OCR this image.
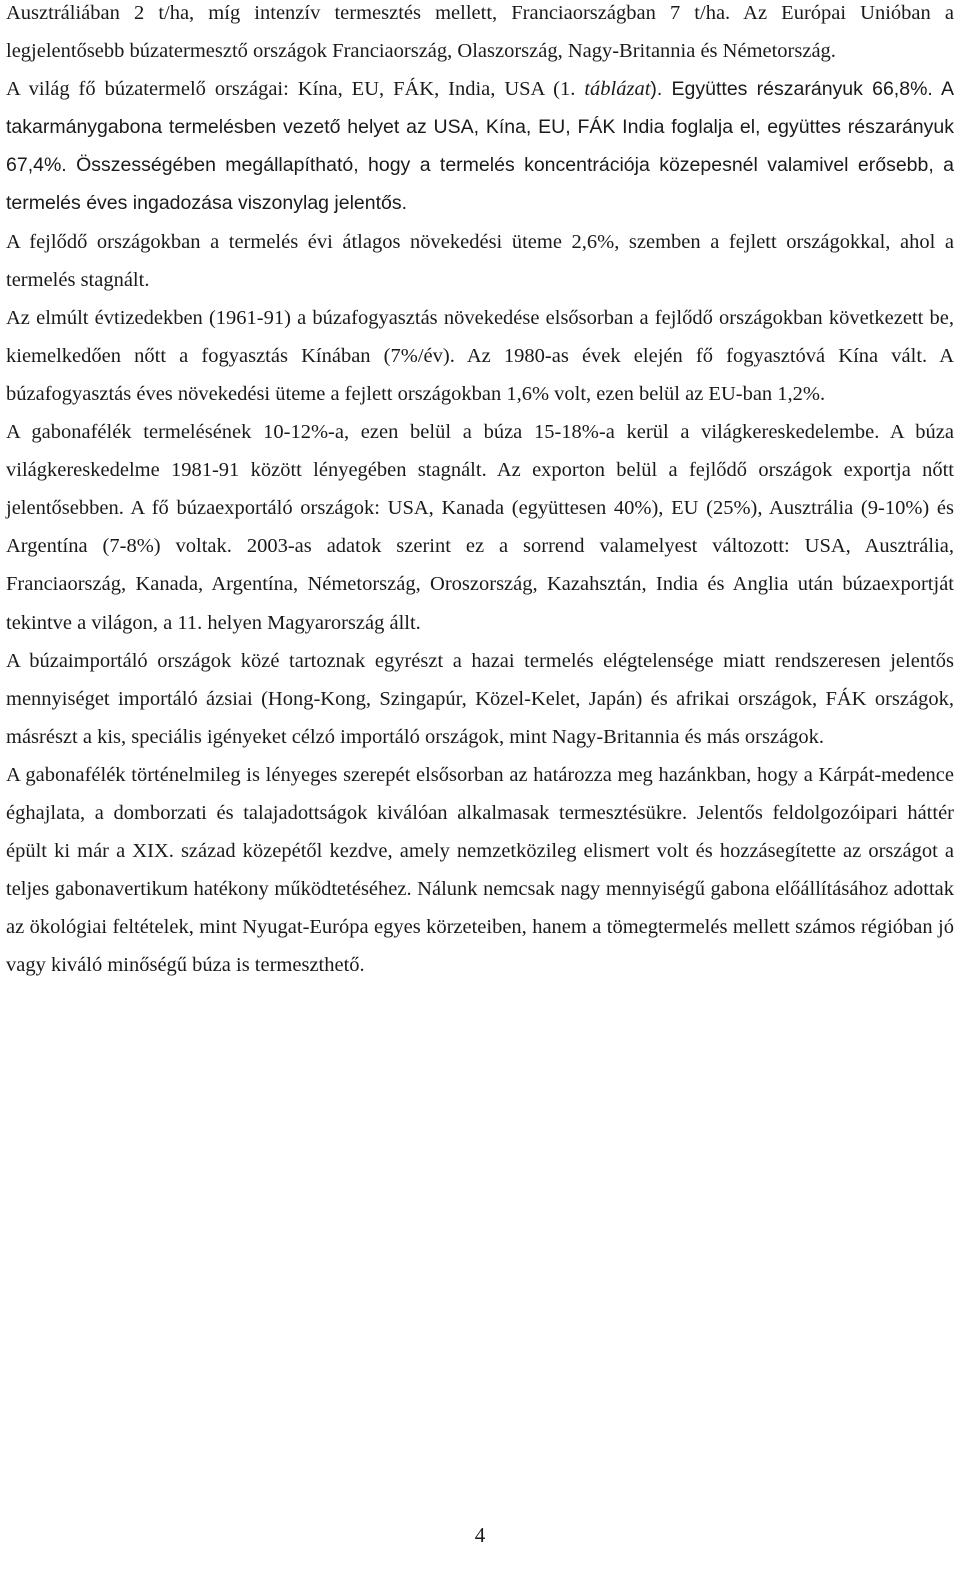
Ausztráliában 2 t/ha, míg intenzív termesztés mellett, Franciaországban 7 t/ha. Az Európai Unióban a legjelentősebb búzatermesztő országok Franciaország, Olaszország, Nagy-Britannia és Németország.

A világ fő búzatermelő országai: Kína, EU, FÁK, India, USA (1. táblázat). Együttes részarányuk 66,8%. A takarmánygabona termelésben vezető helyet az USA, Kína, EU, FÁK India foglalja el, együttes részarányuk 67,4%. Összességében megállapítható, hogy a termelés koncentrációja közepesnél valamivel erősebb, a termelés éves ingadozása viszonylag jelentős.

A fejlődő országokban a termelés évi átlagos növekedési üteme 2,6%, szemben a fejlett országokkal, ahol a termelés stagnált.

Az elmúlt évtizedekben (1961-91) a búzafogyasztás növekedése elsősorban a fejlődő országokban következett be, kiemelkedően nőtt a fogyasztás Kínában (7%/év). Az 1980-as évek elején fő fogyasztóvá Kína vált. A búzafogyasztás éves növekedési üteme a fejlett országokban 1,6% volt, ezen belül az EU-ban 1,2%.

A gabonafélék termelésének 10-12%-a, ezen belül a búza 15-18%-a kerül a világkereskedelembe. A búza világkereskedelme 1981-91 között lényegében stagnált. Az exporton belül a fejlődő országok exportja nőtt jelentősebben. A fő búzaexportáló országok: USA, Kanada (együttesen 40%), EU (25%), Ausztrália (9-10%) és Argentína (7-8%) voltak. 2003-as adatok szerint ez a sorrend valamelyest változott: USA, Ausztrália, Franciaország, Kanada, Argentína, Németország, Oroszország, Kazahsztán, India és Anglia után búzaexportját tekintve a világon, a 11. helyen Magyarország állt.

A búzaimportáló országok közé tartoznak egyrészt a hazai termelés elégtelensége miatt rendszeresen jelentős mennyiséget importáló ázsiai (Hong-Kong, Szingapúr, Közel-Kelet, Japán) és afrikai országok, FÁK országok, másrészt a kis, speciális igényeket célzó importáló országok, mint Nagy-Britannia és más országok.

A gabonafélék történelmileg is lényeges szerepét elsősorban az határozza meg hazánkban, hogy a Kárpát-medence éghajlata, a domborzati és talajadottságok kiválóan alkalmasak termesztésükre. Jelentős feldolgozóipari háttér épült ki már a XIX. század közepétől kezdve, amely nemzetközileg elismert volt és hozzásegítette az országot a teljes gabonavertikum hatékony működtetéséhez. Nálunk nemcsak nagy mennyiségű gabona előállításához adottak az ökológiai feltételek, mint Nyugat-Európa egyes körzeteiben, hanem a tömegtermelés mellett számos régióban jó vagy kiváló minőségű búza is termeszthető.

4
